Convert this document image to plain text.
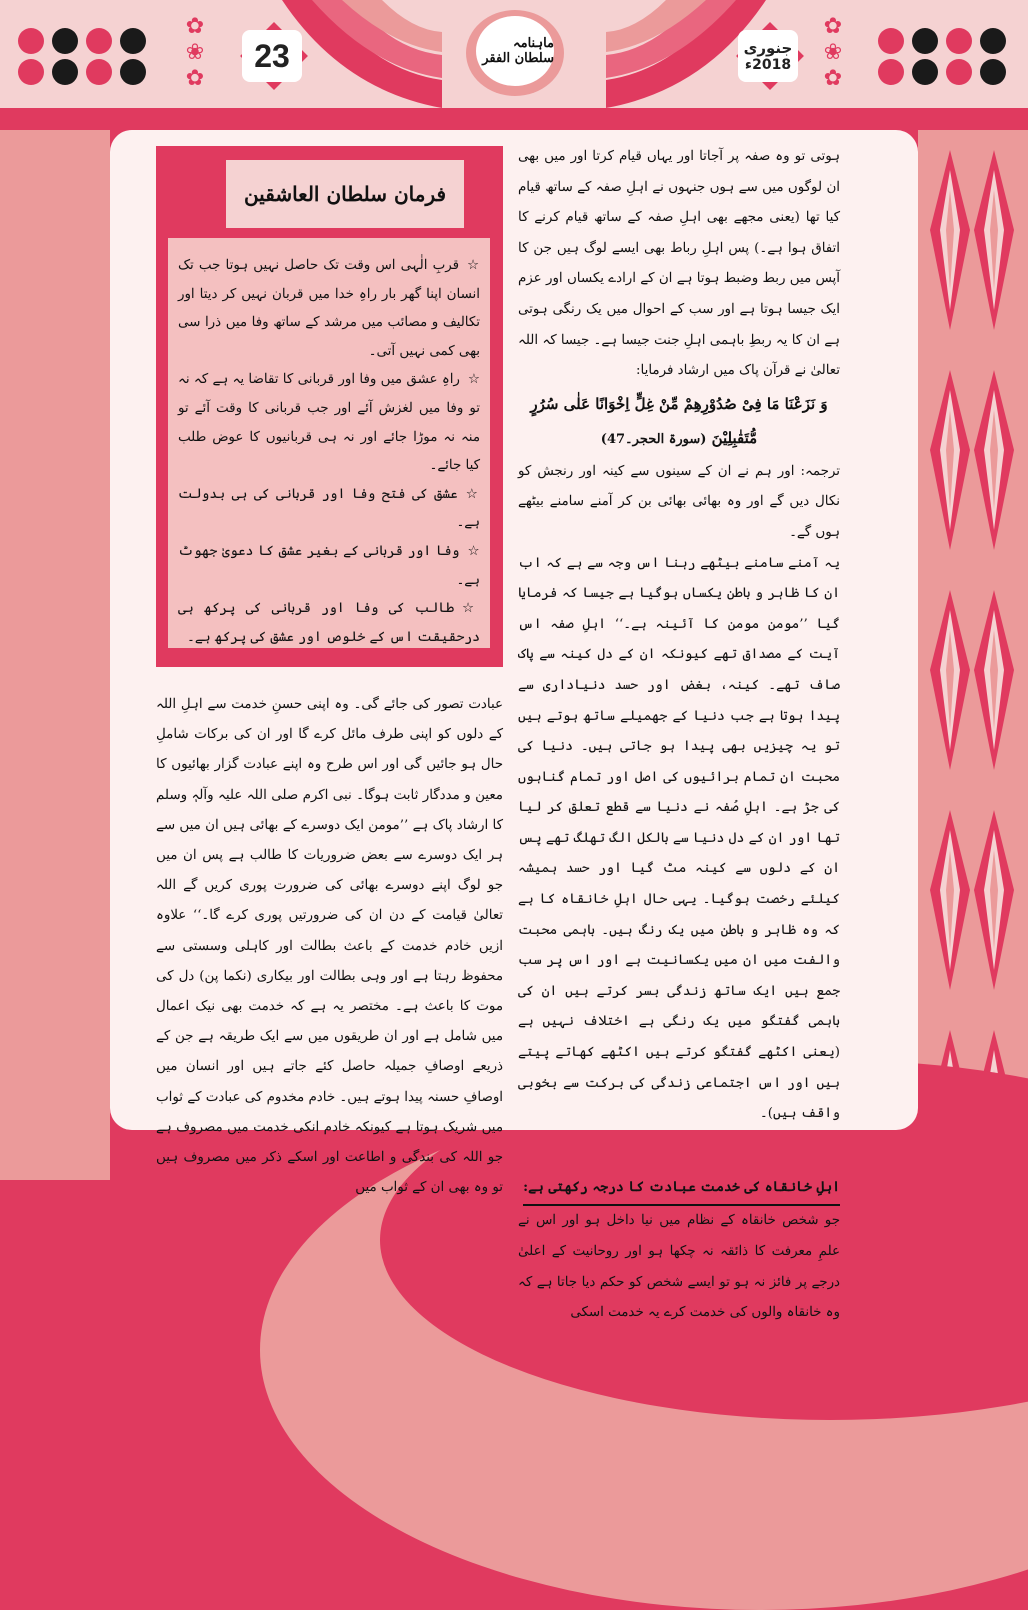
✿
❀
✿
23	ماہنامہ سلطان الفقر
جنوری
2018ء
✿
❀
✿

ہوتی تو وہ صفہ پر آجاتا اور یہاں قیام کرتا اور میں بھی ان لوگوں میں سے ہوں جنہوں نے اہلِ صفہ کے ساتھ قیام کیا تھا (یعنی مجھے بھی اہلِ صفہ کے ساتھ قیام کرنے کا اتفاق ہوا ہے۔) پس اہلِ رباط بھی ایسے لوگ ہیں جن کا آپس میں ربط وضبط ہوتا ہے ان کے ارادے یکساں اور عزم ایک جیسا ہوتا ہے اور سب کے احوال میں یک رنگی ہوتی ہے ان کا یہ ربطِ باہمی اہلِ جنت جیسا ہے۔ جیسا کہ اللہ تعالیٰ نے قرآن پاک میں ارشاد فرمایا:

وَ نَزَعْنَا مَا فِیْ صُدُوْرِهِمْ مِّنْ غِلٍّ اِخْوَانًا عَلٰی سُرُرٍ مُّتَقٰبِلِیْنَ (سورۃ الحجر۔47)

ترجمہ: اور ہم نے ان کے سینوں سے کینہ اور رنجش کو نکال دیں گے اور وہ بھائی بھائی بن کر آمنے سامنے بیٹھے ہوں گے۔

یہ آمنے سامنے بیٹھے رہنا اس وجہ سے ہے کہ اب ان کا ظاہر و باطن یکساں ہوگیا ہے جیسا کہ فرمایا گیا ’’مومن مومن کا آئینہ ہے۔‘‘ اہلِ صفہ اس آیت کے مصداق تھے کیونکہ ان کے دل کینہ سے پاک صاف تھے۔ کینہ، بغض اور حسد دنیاداری سے پیدا ہوتا ہے جب دنیا کے جھمیلے ساتھ ہوتے ہیں تو یہ چیزیں بھی پیدا ہو جاتی ہیں۔ دنیا کی محبت ان تمام برائیوں کی اصل اور تمام گناہوں کی جڑ ہے۔ اہلِ صُفہ نے دنیا سے قطع تعلق کر لیا تھا اور ان کے دل دنیا سے بالکل الگ تھلگ تھے پس ان کے دلوں سے کینہ مٹ گیا اور حسد ہمیشہ کیلئے رخصت ہوگیا۔ یہی حال اہلِ خانقاہ کا ہے کہ وہ ظاہر و باطن میں یک رنگ ہیں۔ باہمی محبت والفت میں ان میں یکسانیت ہے اور اس پر سب جمع ہیں ایک ساتھ زندگی بسر کرتے ہیں ان کی باہمی گفتگو میں یک رنگی ہے اختلاف نہیں ہے (یعنی اکٹھے گفتگو کرتے ہیں اکٹھے کھاتے پیتے ہیں اور اس اجتماعی زندگی کی برکت سے بخوبی واقف ہیں)۔

اہلِ خانقاہ کی خدمت عبادت کا درجہ رکھتی ہے:

جو شخص خانقاہ کے نظام میں نیا داخل ہو اور اس نے علمِ معرفت کا ذائقہ نہ چکھا ہو اور روحانیت کے اعلیٰ درجے پر فائز نہ ہو تو ایسے شخص کو حکم دیا جاتا ہے کہ وہ خانقاہ والوں کی خدمت کرے یہ خدمت اسکی

فرمان سلطان العاشقین

☆قربِ الٰہی اس وقت تک حاصل نہیں ہوتا جب تک انسان اپنا گھر بار راہِ خدا میں قربان نہیں کر دیتا اور تکالیف و مصائب میں مرشد کے ساتھ وفا میں ذرا سی بھی کمی نہیں آتی۔

☆راہِ عشق میں وفا اور قربانی کا تقاضا یہ ہے کہ نہ تو وفا میں لغزش آئے اور جب قربانی کا وقت آئے تو منہ نہ موڑا جائے اور نہ ہی قربانیوں کا عوض طلب کیا جائے۔

☆عشق کی فتح وفا اور قربانی کی ہی بدولت ہے۔

☆وفا اور قربانی کے بغیر عشق کا دعویٰ جھوٹ ہے۔

☆طالب کی وفا اور قربانی کی پرکھ ہی درحقیقت اس کے خلوص اور عشق کی پرکھ ہے۔

عبادت تصور کی جائے گی۔ وہ اپنی حسنِ خدمت سے اہلِ اللہ کے دلوں کو اپنی طرف مائل کرے گا اور ان کی برکات شاملِ حال ہو جائیں گی اور اس طرح وہ اپنے عبادت گزار بھائیوں کا معین و مددگار ثابت ہوگا۔ نبی اکرم صلی اللہ علیہ وآلہٖ وسلم کا ارشاد پاک ہے ’’مومن ایک دوسرے کے بھائی ہیں ان میں سے ہر ایک دوسرے سے بعض ضروریات کا طالب ہے پس ان میں جو لوگ اپنے دوسرے بھائی کی ضرورت پوری کریں گے اللہ تعالیٰ قیامت کے دن ان کی ضرورتیں پوری کرے گا۔‘‘ علاوہ ازیں خادم خدمت کے باعث بطالت اور کاہلی وسستی سے محفوظ رہتا ہے اور وہی بطالت اور بیکاری (نکما پن) دل کی موت کا باعث ہے۔ مختصر یہ ہے کہ خدمت بھی نیک اعمال میں شامل ہے اور ان طریقوں میں سے ایک طریقہ ہے جن کے ذریعے اوصافِ جمیلہ حاصل کئے جاتے ہیں اور انسان میں اوصافِ حسنہ پیدا ہوتے ہیں۔ خادم مخدوم کی عبادت کے ثواب میں شریک ہوتا ہے کیونکہ خادم انکی خدمت میں مصروف ہے جو اللہ کی بندگی و اطاعت اور اسکے ذکر میں مصروف ہیں تو وہ بھی ان کے ثواب میں
